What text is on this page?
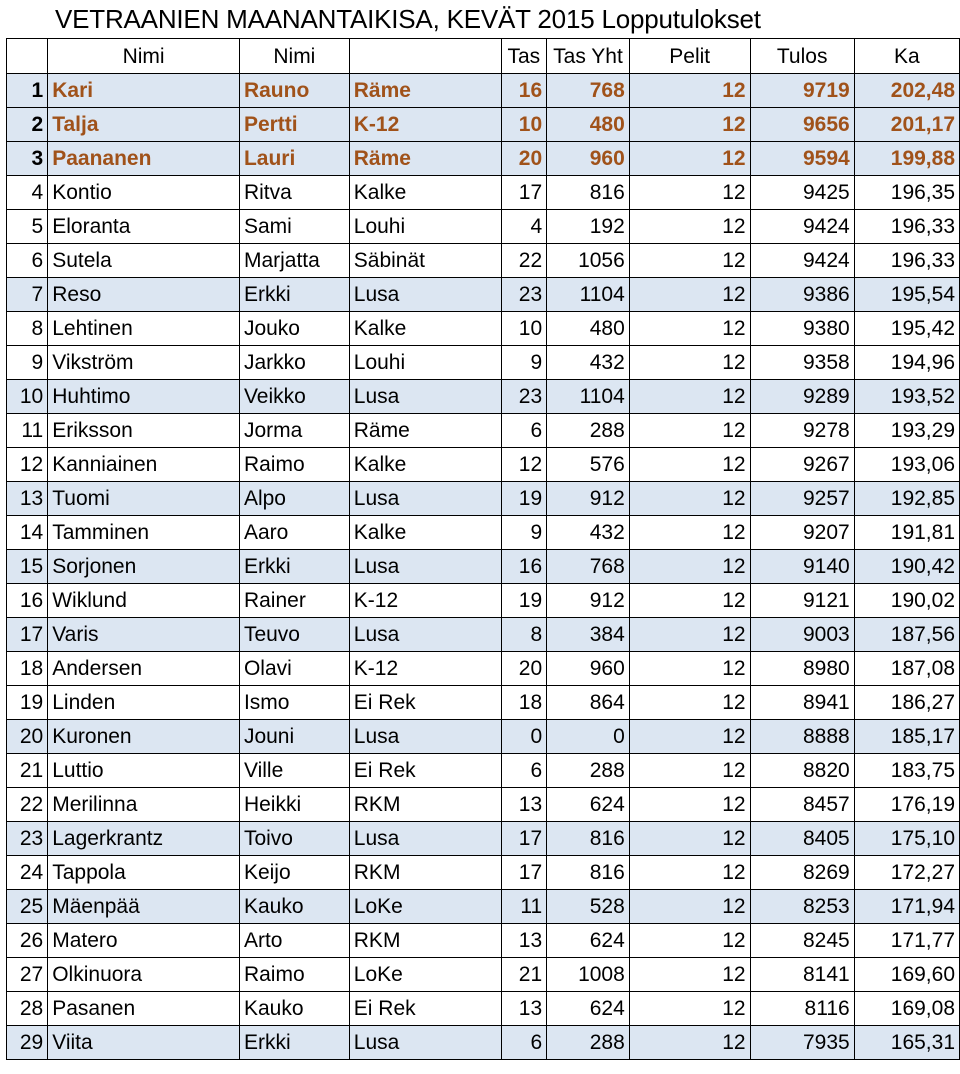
VETRAANIEN MAANANTAIKISA, KEVÄT 2015 Lopputulokset
	Nimi	Nimi		Tas	Tas Yht	Pelit	Tulos	Ka
1	Kari	Rauno	Räme	16	768	12	9719	202,48
2	Talja	Pertti	K-12	10	480	12	9656	201,17
3	Paananen	Lauri	Räme	20	960	12	9594	199,88
4	Kontio	Ritva	Kalke	17	816	12	9425	196,35
5	Eloranta	Sami	Louhi	4	192	12	9424	196,33
6	Sutela	Marjatta	Säbinät	22	1056	12	9424	196,33
7	Reso	Erkki	Lusa	23	1104	12	9386	195,54
8	Lehtinen	Jouko	Kalke	10	480	12	9380	195,42
9	Vikström	Jarkko	Louhi	9	432	12	9358	194,96
10	Huhtimo	Veikko	Lusa	23	1104	12	9289	193,52
11	Eriksson	Jorma	Räme	6	288	12	9278	193,29
12	Kanniainen	Raimo	Kalke	12	576	12	9267	193,06
13	Tuomi	Alpo	Lusa	19	912	12	9257	192,85
14	Tamminen	Aaro	Kalke	9	432	12	9207	191,81
15	Sorjonen	Erkki	Lusa	16	768	12	9140	190,42
16	Wiklund	Rainer	K-12	19	912	12	9121	190,02
17	Varis	Teuvo	Lusa	8	384	12	9003	187,56
18	Andersen	Olavi	K-12	20	960	12	8980	187,08
19	Linden	Ismo	Ei Rek	18	864	12	8941	186,27
20	Kuronen	Jouni	Lusa	0	0	12	8888	185,17
21	Luttio	Ville	Ei Rek	6	288	12	8820	183,75
22	Merilinna	Heikki	RKM	13	624	12	8457	176,19
23	Lagerkrantz	Toivo	Lusa	17	816	12	8405	175,10
24	Tappola	Keijo	RKM	17	816	12	8269	172,27
25	Mäenpää	Kauko	LoKe	11	528	12	8253	171,94
26	Matero	Arto	RKM	13	624	12	8245	171,77
27	Olkinuora	Raimo	LoKe	21	1008	12	8141	169,60
28	Pasanen	Kauko	Ei Rek	13	624	12	8116	169,08
29	Viita	Erkki	Lusa	6	288	12	7935	165,31
